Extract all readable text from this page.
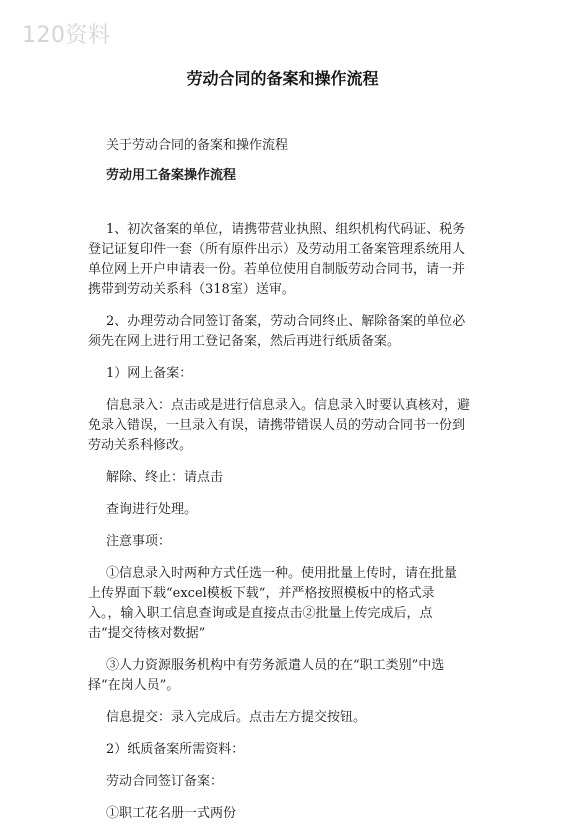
120资料
劳动合同的备案和操作流程

关于劳动合同的备案和操作流程

劳动用工备案操作流程

1、初次备案的单位，请携带营业执照、组织机构代码证、税务
登记证复印件一套（所有原件出示）及劳动用工备案管理系统用人
单位网上开户申请表一份。若单位使用自制版劳动合同书，请一并
携带到劳动关系科（318室）送审。
2、办理劳动合同签订备案，劳动合同终止、解除备案的单位必
须先在网上进行用工登记备案，然后再进行纸质备案。

1）网上备案：

信息录入：点击或是进行信息录入。信息录入时要认真核对，避
免录入错误，一旦录入有误，请携带错误人员的劳动合同书一份到
劳动关系科修改。

解除、终止：请点击

查询进行处理。

注意事项：

①信息录入时两种方式任选一种。使用批量上传时，请在批量
上传界面下载“excel模板下载“，并严格按照模板中的格式录
入。，输入职工信息查询或是直接点击②批量上传完成后，点
击“提交待核对数据”
③人力资源服务机构中有劳务派遣人员的在“职工类别”中选
择“在岗人员”。

信息提交：录入完成后。点击左方提交按钮。

2）纸质备案所需资料：

劳动合同签订备案：

①职工花名册一式两份
